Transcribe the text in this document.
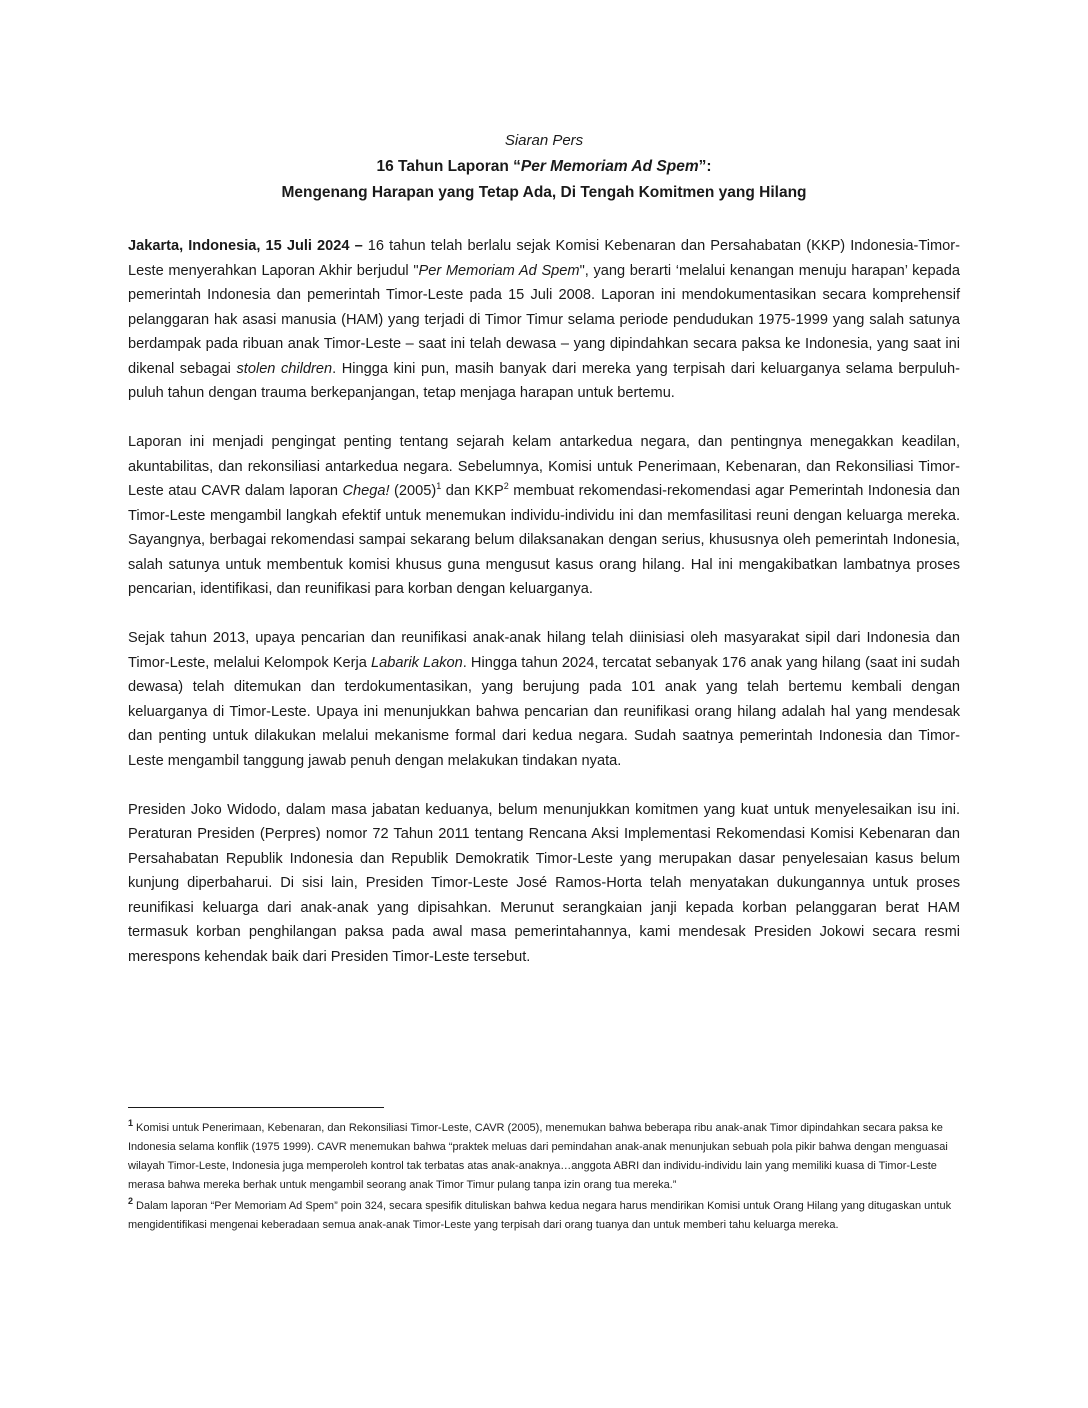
Siaran Pers
16 Tahun Laporan “Per Memoriam Ad Spem”:
Mengenang Harapan yang Tetap Ada, Di Tengah Komitmen yang Hilang

Jakarta, Indonesia, 15 Juli 2024 – 16 tahun telah berlalu sejak Komisi Kebenaran dan Persahabatan (KKP) Indonesia-Timor-Leste menyerahkan Laporan Akhir berjudul "Per Memoriam Ad Spem", yang berarti ‘melalui kenangan menuju harapan’ kepada pemerintah Indonesia dan pemerintah Timor-Leste pada 15 Juli 2008. Laporan ini mendokumentasikan secara komprehensif pelanggaran hak asasi manusia (HAM) yang terjadi di Timor Timur selama periode pendudukan 1975-1999 yang salah satunya berdampak pada ribuan anak Timor-Leste – saat ini telah dewasa – yang dipindahkan secara paksa ke Indonesia, yang saat ini dikenal sebagai stolen children. Hingga kini pun, masih banyak dari mereka yang terpisah dari keluarganya selama berpuluh-puluh tahun dengan trauma berkepanjangan, tetap menjaga harapan untuk bertemu.

Laporan ini menjadi pengingat penting tentang sejarah kelam antarkedua negara, dan pentingnya menegakkan keadilan, akuntabilitas, dan rekonsiliasi antarkedua negara. Sebelumnya, Komisi untuk Penerimaan, Kebenaran, dan Rekonsiliasi Timor-Leste atau CAVR dalam laporan Chega! $(2005)^1$ dan KKP$^2$ membuat rekomendasi-rekomendasi agar Pemerintah Indonesia dan Timor-Leste mengambil langkah efektif untuk menemukan individu-individu ini dan memfasilitasi reuni dengan keluarga mereka. Sayangnya, berbagai rekomendasi sampai sekarang belum dilaksanakan dengan serius, khususnya oleh pemerintah Indonesia, salah satunya untuk membentuk komisi khusus guna mengusut kasus orang hilang. Hal ini mengakibatkan lambatnya proses pencarian, identifikasi, dan reunifikasi para korban dengan keluarganya.

Sejak tahun 2013, upaya pencarian dan reunifikasi anak-anak hilang telah diinisiasi oleh masyarakat sipil dari Indonesia dan Timor-Leste, melalui Kelompok Kerja Labarik Lakon. Hingga tahun 2024, tercatat sebanyak 176 anak yang hilang (saat ini sudah dewasa) telah ditemukan dan terdokumentasikan, yang berujung pada 101 anak yang telah bertemu kembali dengan keluarganya di Timor-Leste. Upaya ini menunjukkan bahwa pencarian dan reunifikasi orang hilang adalah hal yang mendesak dan penting untuk dilakukan melalui mekanisme formal dari kedua negara. Sudah saatnya pemerintah Indonesia dan Timor-Leste mengambil tanggung jawab penuh dengan melakukan tindakan nyata.

Presiden Joko Widodo, dalam masa jabatan keduanya, belum menunjukkan komitmen yang kuat untuk menyelesaikan isu ini. Peraturan Presiden (Perpres) nomor 72 Tahun 2011 tentang Rencana Aksi Implementasi Rekomendasi Komisi Kebenaran dan Persahabatan Republik Indonesia dan Republik Demokratik Timor-Leste yang merupakan dasar penyelesaian kasus belum kunjung diperbaharui. Di sisi lain, Presiden Timor-Leste José Ramos-Horta telah menyatakan dukungannya untuk proses reunifikasi keluarga dari anak-anak yang dipisahkan. Merunut serangkaian janji kepada korban pelanggaran berat HAM termasuk korban penghilangan paksa pada awal masa pemerintahannya, kami mendesak Presiden Jokowi secara resmi merespons kehendak baik dari Presiden Timor-Leste tersebut.

$^1$ Komisi untuk Penerimaan, Kebenaran, dan Rekonsiliasi Timor-Leste, CAVR (2005), menemukan bahwa beberapa ribu anak-anak Timor dipindahkan secara paksa ke Indonesia selama konflik (1975 1999). CAVR menemukan bahwa “praktek meluas dari pemindahan anak-anak menunjukan sebuah pola pikir bahwa dengan menguasai wilayah Timor-Leste, Indonesia juga memperoleh kontrol tak terbatas atas anak-anaknya…anggota ABRI dan individu-individu lain yang memiliki kuasa di Timor-Leste merasa bahwa mereka berhak untuk mengambil seorang anak Timor Timur pulang tanpa izin orang tua mereka.”

$^2$ Dalam laporan “Per Memoriam Ad Spem” poin 324, secara spesifik dituliskan bahwa kedua negara harus mendirikan Komisi untuk Orang Hilang yang ditugaskan untuk mengidentifikasi mengenai keberadaan semua anak-anak Timor-Leste yang terpisah dari orang tuanya dan untuk memberi tahu keluarga mereka.
